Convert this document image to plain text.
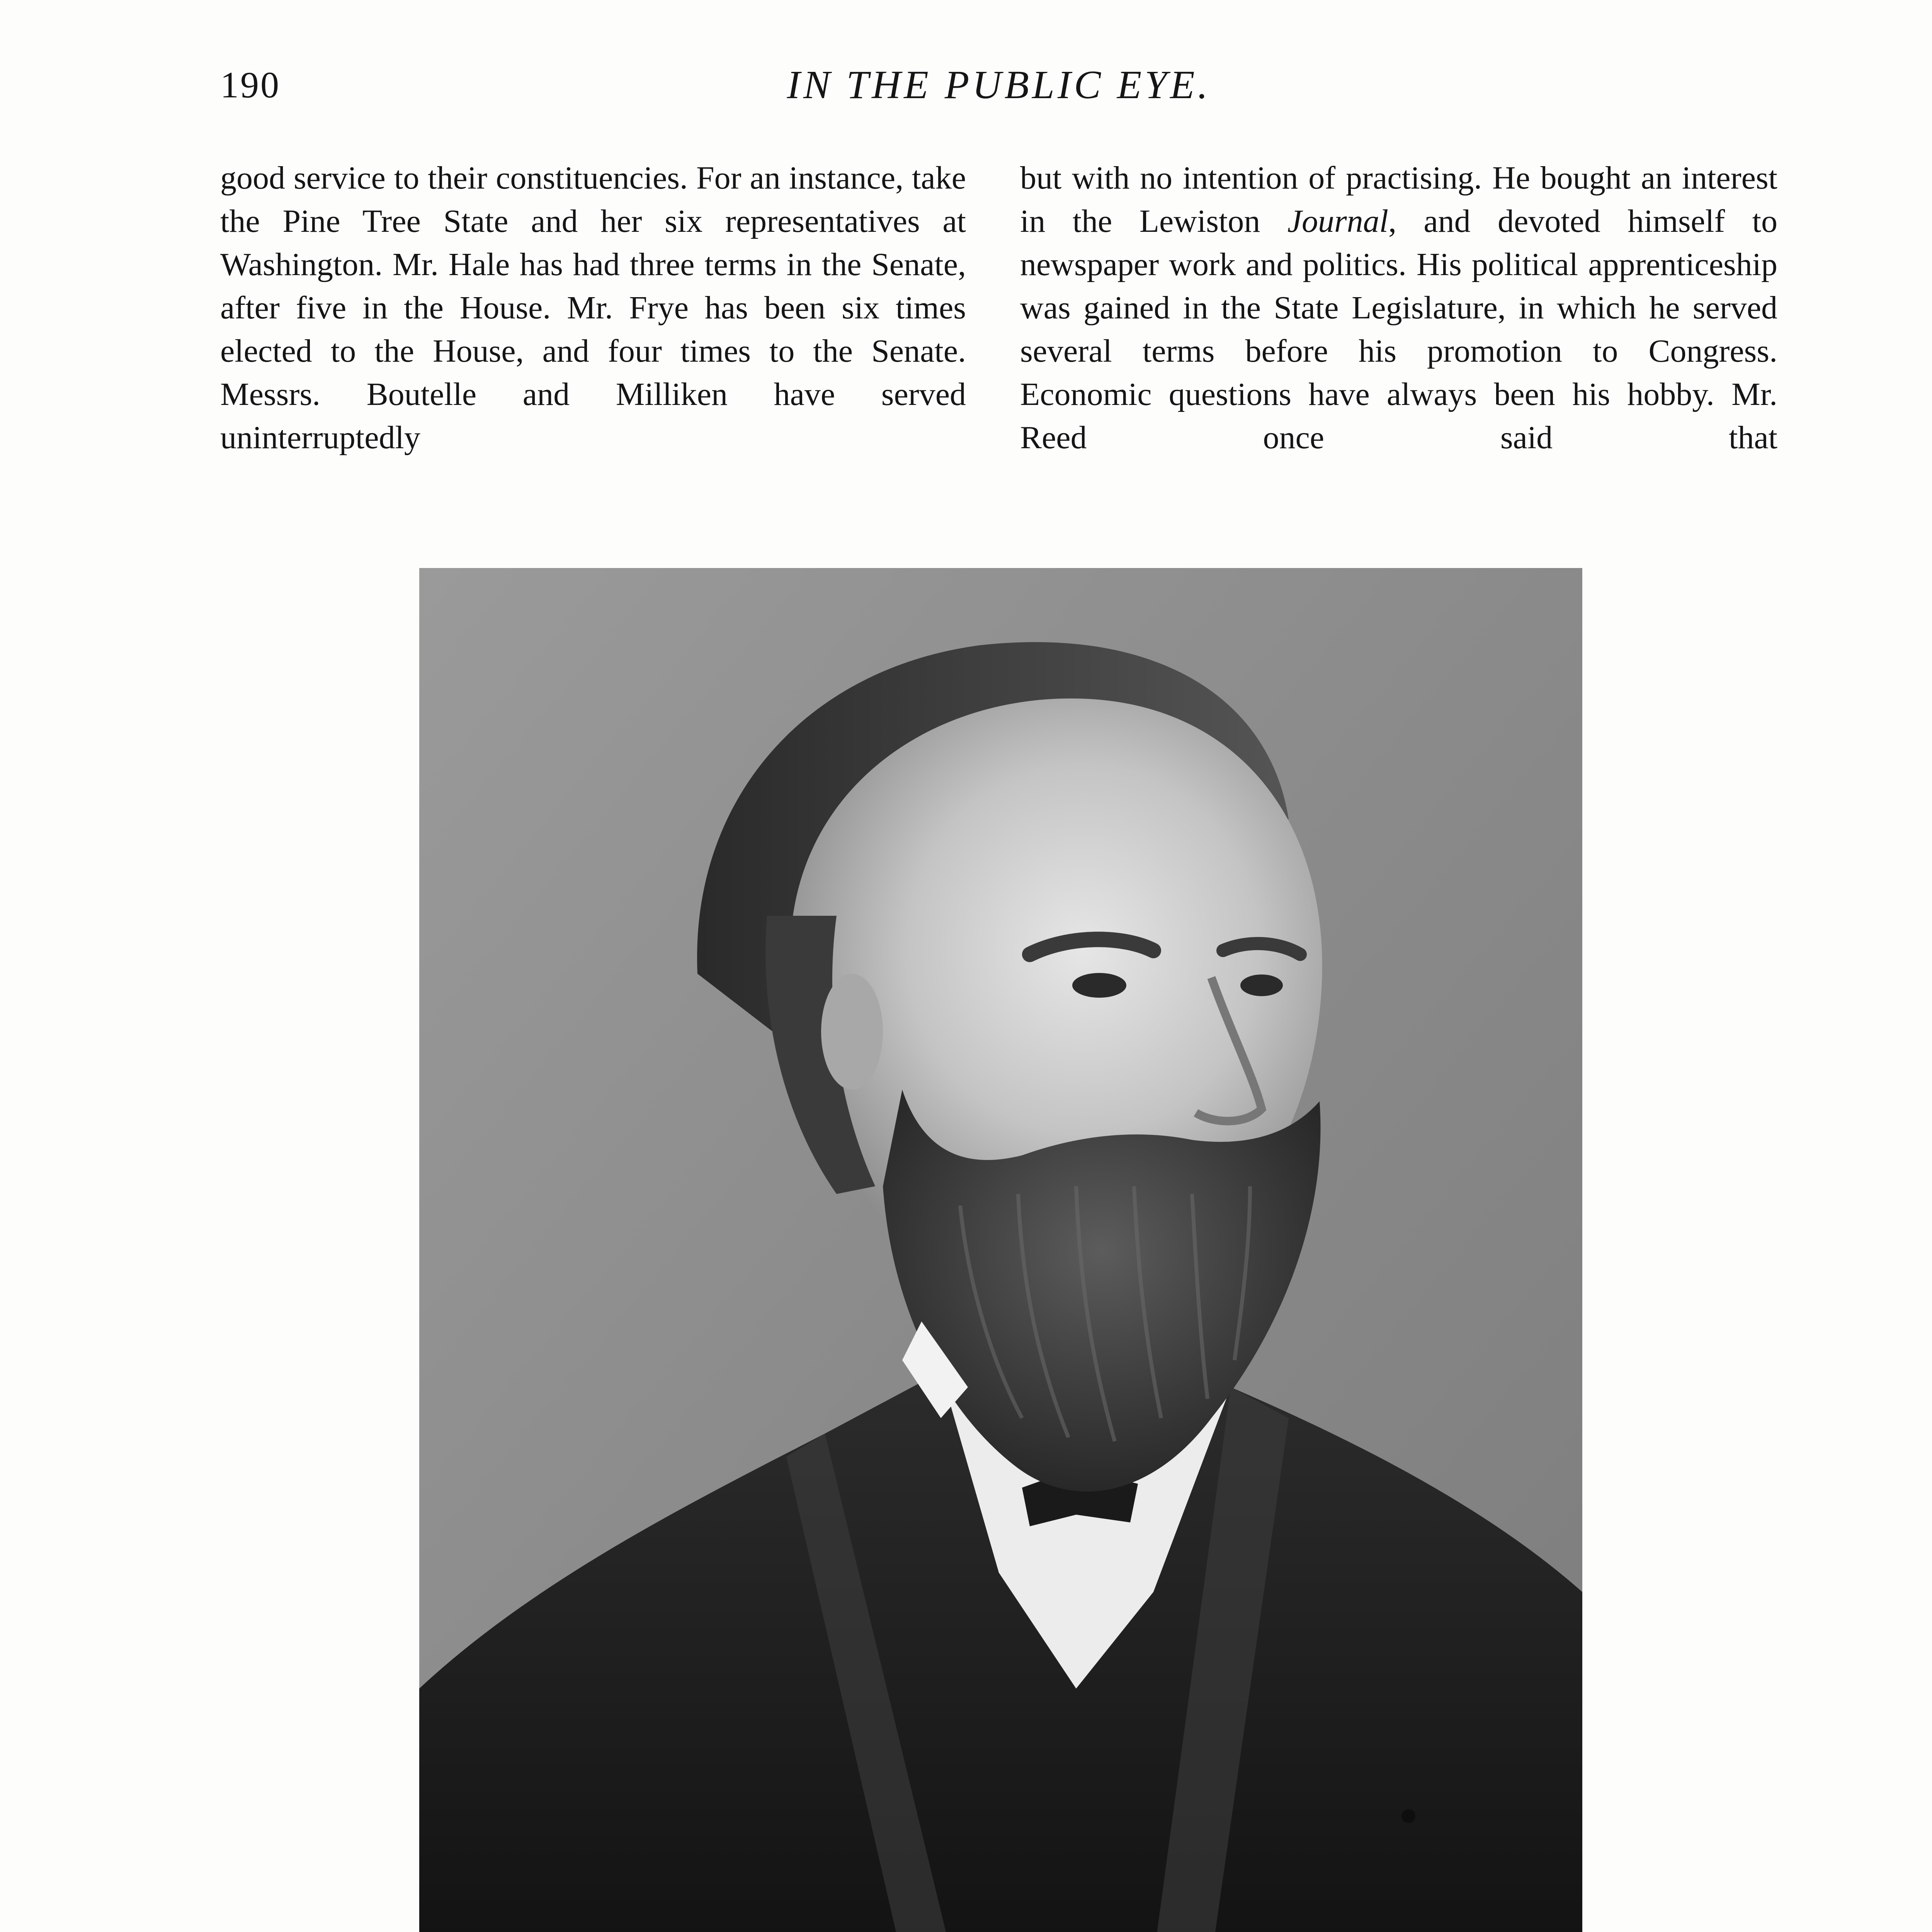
190	IN THE PUBLIC EYE.

good service to their constituencies. For an instance, take the Pine Tree State and her six representatives at Washington. Mr. Hale has had three terms in the Senate, after five in the House. Mr. Frye has been six times elected to the House, and four times to the Senate. Messrs. Boutelle and Milliken have served uninterruptedly

but with no intention of practising. He bought an interest in the Lewiston Journal, and devoted himself to newspaper work and politics. His political apprenticeship was gained in the State Legislature, in which he served several terms before his promotion to Congress. Economic questions have always been his hobby. Mr. Reed once said that
